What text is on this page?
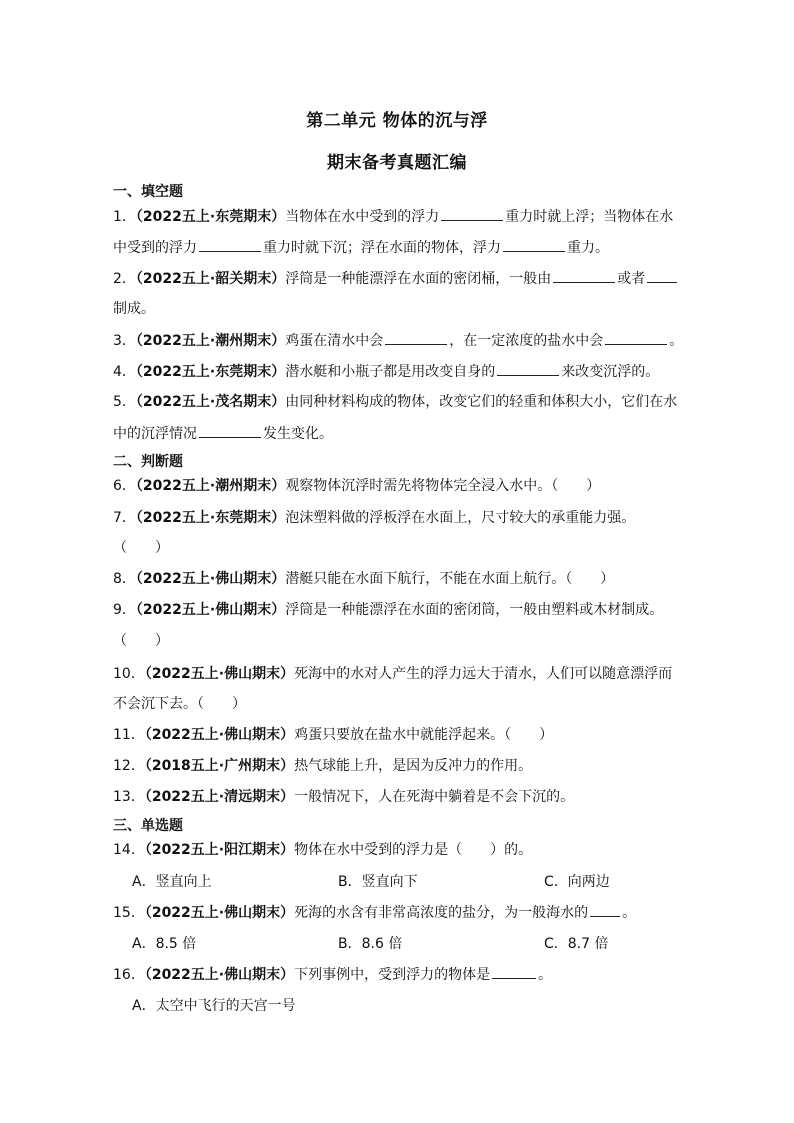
第二单元 物体的沉与浮
期末备考真题汇编
一、填空题
1．（2022五上·东莞期末）当物体在水中受到的浮力	重力时就上浮；当物体在水
中受到的浮力	重力时就下沉；浮在水面的物体，浮力	重力。
2．（2022五上·韶关期末）浮筒是一种能漂浮在水面的密闭桶，一般由	或者
制成。
3．（2022五上·潮州期末）鸡蛋在清水中会	，在一定浓度的盐水中会	。
4．（2022五上·东莞期末）潜水艇和小瓶子都是用改变自身的	来改变沉浮的。
5．（2022五上·茂名期末）由同种材料构成的物体，改变它们的轻重和体积大小，它们在水
中的沉浮情况	发生变化。
二、判断题
6．（2022五上·潮州期末）观察物体沉浮时需先将物体完全浸入水中。（　　）
7．（2022五上·东莞期末）泡沫塑料做的浮板浮在水面上，尺寸较大的承重能力强。
（　　）
8．（2022五上·佛山期末）潜艇只能在水面下航行，不能在水面上航行。（　　）
9．（2022五上·佛山期末）浮筒是一种能漂浮在水面的密闭筒，一般由塑料或木材制成。
（　　）
10．（2022五上·佛山期末）死海中的水对人产生的浮力远大于清水，人们可以随意漂浮而
不会沉下去。（　　）
11．（2022五上·佛山期末）鸡蛋只要放在盐水中就能浮起来。（　　）
12．（2018五上·广州期末）热气球能上升，是因为反冲力的作用。
13．（2022五上·清远期末）一般情况下，人在死海中躺着是不会下沉的。
三、单选题
14．（2022五上·阳江期末）物体在水中受到的浮力是（　　）的。
A．竖直向上	B．竖直向下	C．向两边
15．（2022五上·佛山期末）死海的水含有非常高浓度的盐分，为一般海水的 。
A．8.5 倍	B．8.6 倍	C．8.7 倍
16．（2022五上·佛山期末）下列事例中，受到浮力的物体是	。
A．太空中飞行的天宫一号
